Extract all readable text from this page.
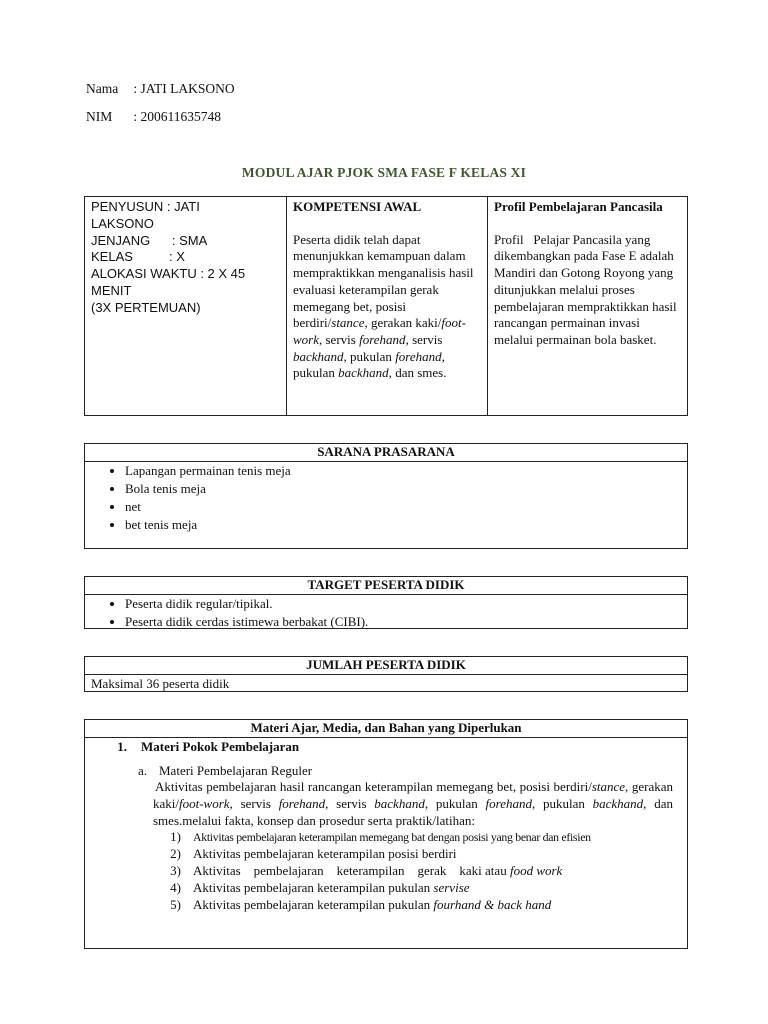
Nama : JATI LAKSONO
NIM : 200611635748
MODUL AJAR PJOK SMA FASE F KELAS XI
PENYUSUN : JATI
LAKSONO
JENJANG      : SMA
KELAS          : X
ALOKASI WAKTU : 2 X 45
MENIT
(3X PERTEMUAN)
KOMPETENSI AWAL
Peserta didik telah dapat menunjukkan kemampuan dalam mempraktikkan menganalisis hasil evaluasi keterampilan gerak memegang bet, posisi berdiri/stance, gerakan kaki/foot-work, servis forehand, servis backhand, pukulan forehand, pukulan backhand, dan smes.
Profil Pembelajaran Pancasila
Profil   Pelajar Pancasila yang dikembangkan pada Fase E adalah Mandiri dan Gotong Royong yang ditunjukkan melalui proses pembelajaran mempraktikkan hasil rancangan permainan invasi melalui permainan bola basket.
SARANA PRASARANA
• Lapangan permainan tenis meja
• Bola tenis meja
• net
• bet tenis meja
TARGET PESERTA DIDIK
• Peserta didik regular/tipikal.
• Peserta didik cerdas istimewa berbakat (CIBI).
JUMLAH PESERTA DIDIK
Maksimal 36 peserta didik
Materi Ajar, Media, dan Bahan yang Diperlukan
1.	Materi Pokok Pembelajaran
a. Materi Pembelajaran Reguler
Aktivitas pembelajaran hasil rancangan keterampilan memegang bet, posisi berdiri/stance, gerakan kaki/foot-work, servis forehand, servis backhand, pukulan forehand, pukulan backhand, dan smes.melalui fakta, konsep dan prosedur serta praktik/latihan:
1)	Aktivitas pembelajaran keterampilan memegang bat dengan posisi yang benar dan efisien
2) Aktivitas pembelajaran keterampilan posisi berdiri
3) Aktivitas    pembelajaran    keterampilan    gerak    kaki atau food work
4) Aktivitas pembelajaran keterampilan pukulan servise
5) Aktivitas pembelajaran keterampilan pukulan fourhand & back hand
